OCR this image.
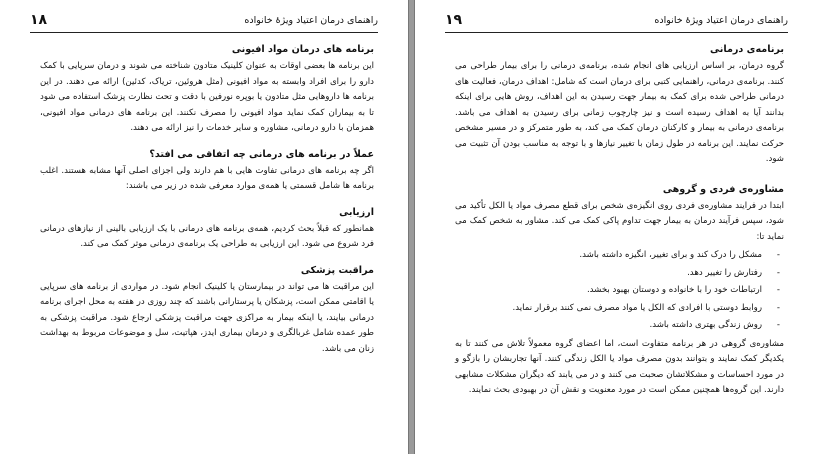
راهنمای درمان اعتیاد ویژۀ خانواده
۱۸
برنامه های درمان مواد افیونی

این برنامه ها بعضی اوقات به عنوان کلینیک متادون شناخته می شوند و درمان سرپایی با کمک دارو را برای افراد وابسته به مواد افیونی (مثل هروئین، تریاک، کدئین) ارائه می دهند. در این برنامه ها داروهایی مثل متادون یا بوپره نورفین با دقت و تحت نظارت پزشک استفاده می شود تا به بیماران کمک نماید مواد افیونی را مصرف نکنند. این برنامه های درمانی مواد افیونی، همزمان با دارو درمانی، مشاوره و سایر خدمات را نیز ارائه می دهند.

عملاً در برنامه های درمانی چه اتفاقی می افتد؟

اگر چه برنامه های درمانی تفاوت هایی با هم دارند ولی اجزای اصلی آنها مشابه هستند. اغلب برنامه ها شامل قسمتی یا همه‌ی موارد معرفی شده در زیر می باشند:

ارزیابی

همانطور که قبلاً بحث کردیم، همه‌ی برنامه های درمانی با یک ارزیابی بالینی از نیازهای درمانی فرد شروع می شود. این ارزیابی به طراحی یک برنامه‌ی درمانی موثر کمک می کند.

مراقبت پزشکی

این مراقبت ها می تواند در بیمارستان یا کلینیک انجام شود. در مواردی از برنامه های سرپایی یا اقامتی ممکن است، پزشکان یا پرستارانی باشند که چند روزی در هفته به محل اجرای برنامه درمانی بیایند، یا اینکه بیمار به مراکزی جهت مراقبت پزشکی ارجاع شود. مراقبت پزشکی به طور عمده شامل غربالگری و درمان بیماری ایدز، هپاتیت، سل و موضوعات مربوط به بهداشت زنان می باشد.

راهنمای درمان اعتیاد ویژۀ خانواده
۱۹
برنامه‌ی درمانی

گروه درمان، بر اساس ارزیابی های انجام شده، برنامه‌ی درمانی را برای بیمار طراحی می کنند. برنامه‌ی درمانی، راهنمایی کتبی برای درمان است که شامل: اهداف درمان، فعالیت های درمانی طراحی شده برای کمک به بیمار جهت رسیدن به این اهداف، روش هایی برای اینکه بدانند آیا به اهداف رسیده است و نیز چارچوب زمانی برای رسیدن به اهداف می باشد. برنامه‌ی درمانی به بیمار و کارکنان درمان کمک می کند، به طور متمرکز و در مسیر مشخص حرکت نمایند. این برنامه در طول زمان با تغییر نیازها و با توجه به مناسب بودن آن تثبیت می شود.

مشاوره‌ی فردی و گروهی

ابتدا در فرایند مشاوره‌ی فردی روی انگیزه‌ی شخص برای قطع مصرف مواد یا الکل تأکید می شود، سپس فرآیند درمان به بیمار جهت تداوم پاکی کمک می کند. مشاور به شخص کمک می نماید تا:

- مشکل را درک کند و برای تغییر، انگیزه داشته باشد.
- رفتارش را تغییر دهد.
- ارتباطات خود را با خانواده و دوستان بهبود بخشد.
- روابط دوستی با افرادی که الکل یا مواد مصرف نمی کنند برقرار نماید.
- روش زندگی بهتری داشته باشد.

مشاوره‌ی گروهی در هر برنامه متفاوت است، اما اعضای گروه معمولاً تلاش می کنند تا به یکدیگر کمک نمایند و بتوانند بدون مصرف مواد یا الکل زندگی کنند. آنها تجاربشان را بازگو و در مورد احساسات و مشکلاتشان صحبت می کنند و در می یابند که دیگران مشکلات مشابهی دارند. این گروه‌ها همچنین ممکن است در مورد معنویت و نقش آن در بهبودی بحث نمایند.
